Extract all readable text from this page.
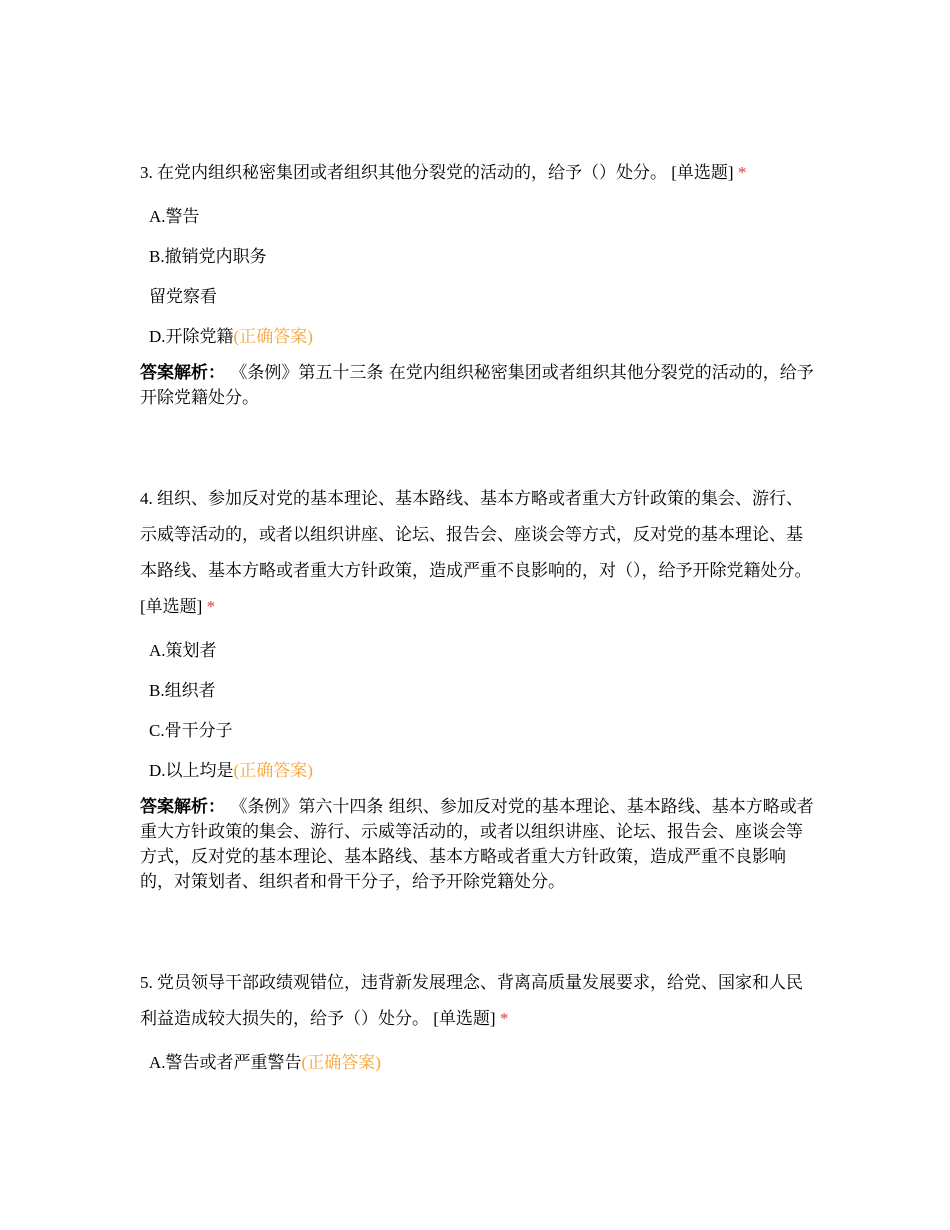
3. 在党内组织秘密集团或者组织其他分裂党的活动的，给予（）处分。 [单选题] *

A.警告
B.撤销党内职务
留党察看
D.开除党籍(正确答案)

答案解析： 《条例》第五十三条 在党内组织秘密集团或者组织其他分裂党的活动的，给予开除党籍处分。

4. 组织、参加反对党的基本理论、基本路线、基本方略或者重大方针政策的集会、游行、示威等活动的，或者以组织讲座、论坛、报告会、座谈会等方式，反对党的基本理论、基本路线、基本方略或者重大方针政策，造成严重不良影响的，对（），给予开除党籍处分。 [单选题] *

A.策划者
B.组织者
C.骨干分子
D.以上均是(正确答案)

答案解析： 《条例》第六十四条 组织、参加反对党的基本理论、基本路线、基本方略或者重大方针政策的集会、游行、示威等活动的，或者以组织讲座、论坛、报告会、座谈会等方式，反对党的基本理论、基本路线、基本方略或者重大方针政策，造成严重不良影响的，对策划者、组织者和骨干分子，给予开除党籍处分。

5. 党员领导干部政绩观错位，违背新发展理念、背离高质量发展要求，给党、国家和人民利益造成较大损失的，给予（）处分。 [单选题] *

A.警告或者严重警告(正确答案)
